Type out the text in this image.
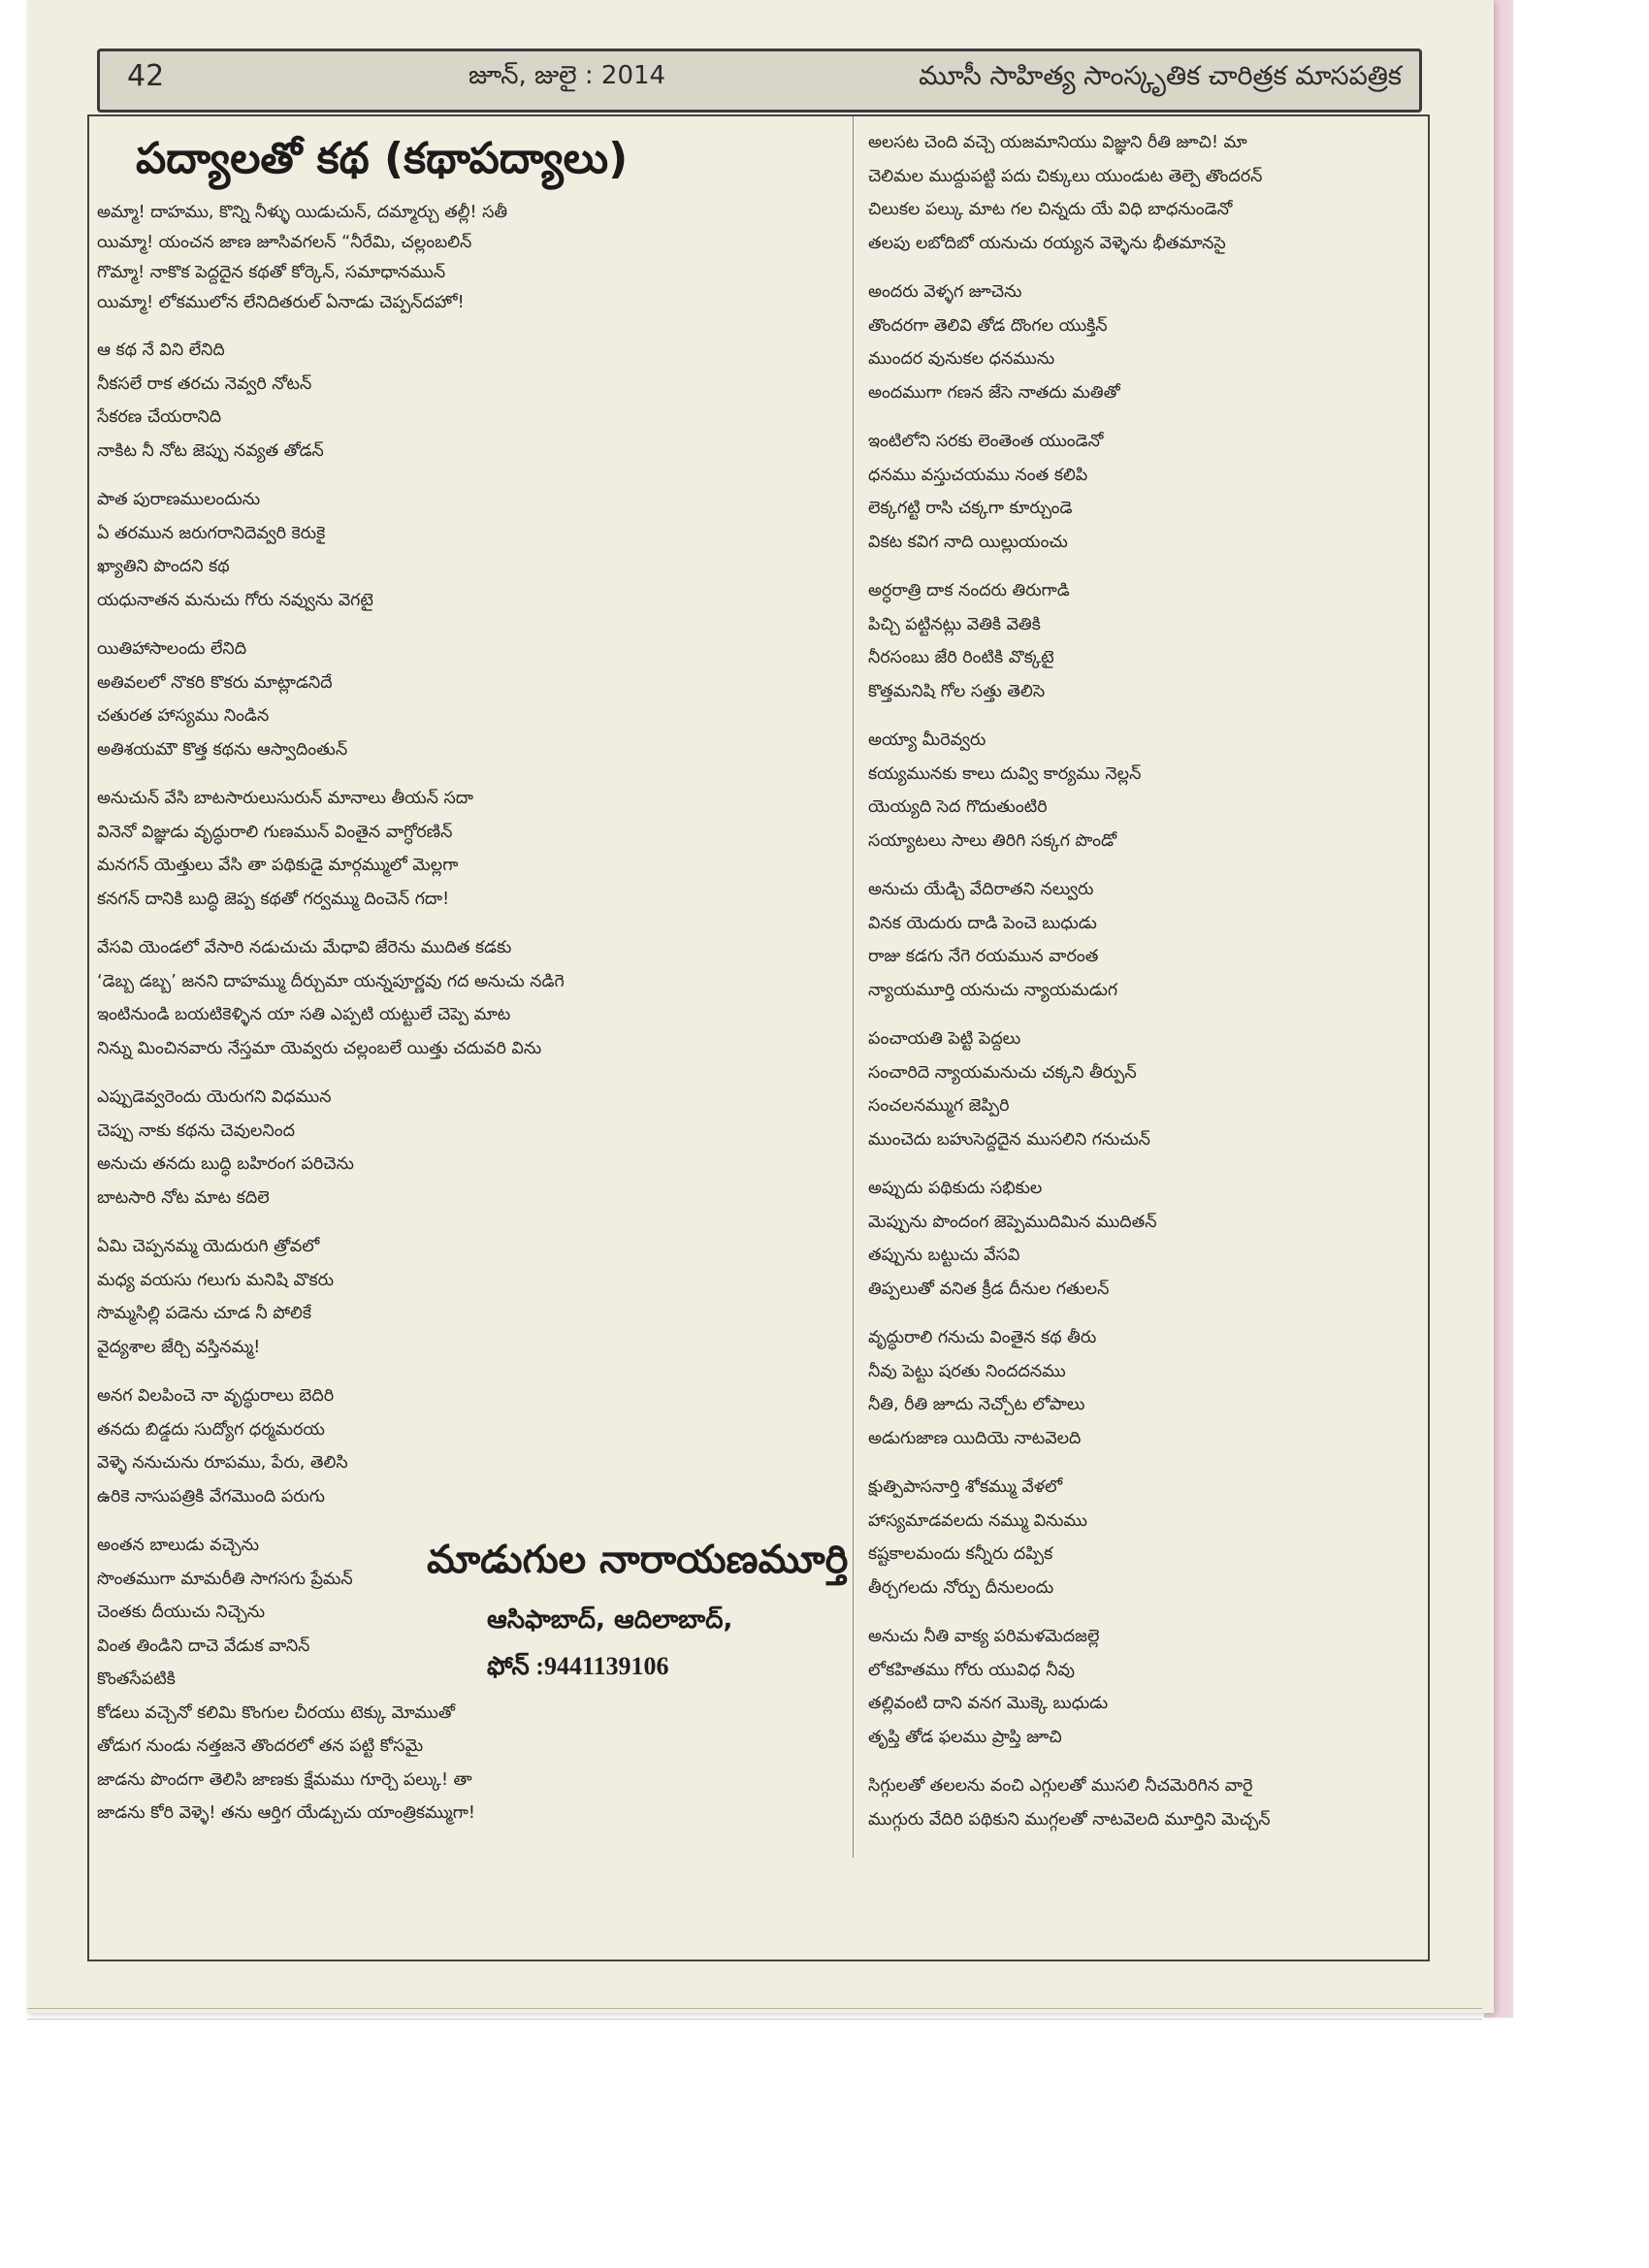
42	జూన్, జులై : 2014	మూసీ సాహిత్య సాంస్కృతిక చారిత్రక మాసపత్రిక
పద్యాలతో కథ (కథాపద్యాలు)
అమ్మా! దాహము, కొన్ని నీళ్ళు యిడుచున్, దమ్మార్చు తల్లీ! సతీ
యిమ్మా! యంచన జాణ జూసివగలన్ “నీరేమి, చల్లంబలిన్
గొమ్మా! నాకొక పెద్దదైన కథతో కోర్కెన్, సమాధానమున్
యిమ్మా! లోకములోన లేనిదితరుల్ ఏనాడు చెప్పన్‌దహో!
ఆ కథ నే విని లేనిది
నీకసలే రాక తరచు నెవ్వరి నోటన్
సేకరణ చేయరానిది
నాకిట నీ నోట జెప్పు నవ్యత తోడన్
పాత పురాణములందును
ఏ తరమున జరుగరానిదెవ్వరి కెరుకై
ఖ్యాతిని పొందని కథ
యధునాతన మనుచు గోరు నవ్వును వెగటై
యితిహాసాలందు లేనిది
అతివలలో నొకరి కొకరు మాట్లాడనిదే
చతురత హాస్యము నిండిన
అతిశయమౌ కొత్త కథను ఆస్వాదింతున్
అనుచున్ వేసి బాటసారులుసురున్ మానాలు తీయన్ సదా
వినెనో విజ్ఞుడు వృద్ధురాలి గుణమున్ వింతైన వాగ్ధోరణిన్
మనగన్ యెత్తులు వేసి తా పథికుడై మార్గమ్ములో మెల్లగా
కనగన్ దానికి బుద్ధి జెప్ప కథతో గర్వమ్ము దించెన్ గదా!
వేసవి యెండలో వేసారి నడుచుచు మేధావి జేరెను ముదిత కడకు
‘డెబ్బ డబ్బ’ జనని దాహమ్ము దీర్చుమా యన్నపూర్ణవు గద అనుచు నడిగె
ఇంటినుండి బయటికెళ్ళిన యా సతి ఎప్పటి యట్టులే చెప్పె మాట
నిన్ను మించినవారు నేస్తమా యెవ్వరు చల్లంబలే యిత్తు చదువరి విను
ఎప్పుడెవ్వరెందు యెరుగని విధమున
చెప్పు నాకు కథను చెవులనింద
అనుచు తనదు బుద్ధి బహిరంగ పరిచెను
బాటసారి నోట మాట కదిలె
ఏమి చెప్పనమ్మ యెదురుగి త్రోవలో
మధ్య వయసు గలుగు మనిషి వొకరు
సొమ్మసిల్లి పడెను చూడ నీ పోలికే
వైద్యశాల జేర్చి వస్తినమ్మ!
అనగ విలపించె నా వృద్ధురాలు బెదిరి
తనదు బిడ్డదు సుద్యోగ ధర్మమరయ
వెళ్ళె ననుచును రూపము, పేరు, తెలిసి
ఉరికె నాసుపత్రికి వేగమొంది పరుగు
అంతన బాలుడు వచ్చెను
సొంతముగా మామరీతి సాగసగు ప్రేమన్
చెంతకు దీయుచు నిచ్చెను
వింత తిండిని దాచె వేడుక వానిన్
కొంతసేపటికి
కోడలు వచ్చెనో కలిమి కొంగుల చీరయు టెక్కు మోముతో
తోడుగ నుండు నత్తజనె తొందరలో తన పట్టి కోసమై
జాడను పొందగా తెలిసి జాణకు క్షేమము గూర్చె పల్కు! తా
జాడను కోరి వెళ్ళె! తను ఆర్తిగ యేడ్చుచు యాంత్రికమ్ముగా!
అలసట చెంది వచ్చె యజమానియు విజ్ఞుని రీతి జూచి! మా
చెలిమల ముద్దుపట్టి పదు చిక్కులు యుండుట తెల్పె తొందరన్
చిలుకల పల్కు మాట గల చిన్నదు యే విధి బాధనుండెనో
తలపు లబోదిబో యనుచు రయ్యన వెళ్ళెను భీతమానసై
అందరు వెళ్ళగ జూచెను
తొందరగా తెలివి తోడ దొంగల యుక్తిన్
ముందర వునుకల ధనమును
అందముగా గణన జేసె నాతదు మతితో
ఇంటిలోని సరకు లెంతెంత యుండెనో
ధనము వస్తుచయము నంత కలిపి
లెక్కగట్టి రాసి చక్కగా కూర్చుండె
వికట కవిగ నాది యిల్లుయంచు
అర్ధరాత్రి దాక నందరు తిరుగాడి
పిచ్చి పట్టినట్లు వెతికి వెతికి
నీరసంబు జేరి రింటికి వొక్కటై
కొత్తమనిషి గోల సత్తు తెలిసె
అయ్యా మీరెవ్వరు
కయ్యమునకు కాలు దువ్వి కార్యము నెల్లన్
యెయ్యది సెద గొదుతుంటిరి
సయ్యాటలు సాలు తిరిగి సక్కగ పొండో
అనుచు యేడ్చి వేదిరాతని నల్వురు
వినక యెదురు దాడి పెంచె బుధుడు
రాజు కడగు నేగె రయమున వారంత
న్యాయమూర్తి యనుచు న్యాయమడుగ
పంచాయతి పెట్టి పెద్దలు
సంచారిదె న్యాయమనుచు చక్కని తీర్పున్
సంచలనమ్ముగ జెప్పిరి
ముంచెదు బహుసెద్దదైన ముసలిని గనుచున్
అప్పుదు పథికుదు సభికుల
మెప్పును పొందంగ జెప్పెముదిమిన ముదితన్
తప్పును బట్టుచు వేసవి
తిప్పలుతో వనిత క్రీడ దీనుల గతులన్
వృద్ధురాలి గనుచు వింతైన కథ తీరు
నీవు పెట్టు షరతు నిందదనము
నీతి, రీతి జూదు నెచ్చోట లోపాలు
అడుగుజాణ యిదియె నాటవెలది
క్షుత్పిపాసనార్తి శోకమ్ము వేళలో
హాస్యమాడవలదు నమ్ము వినుము
కష్టకాలమందు కన్నీరు దప్పిక
తీర్చగలదు నోర్పు దీనులందు
అనుచు నీతి వాక్య పరిమళమెదజల్లె
లోకహితము గోరు యువిధ నీవు
తల్లివంటి దాని వనగ మొక్కె బుధుడు
తృప్తి తోడ ఫలము ప్రాప్తి జూచి
సిగ్గులతో తలలను వంచి ఎగ్గులతో ముసలి నీచమెరిగిన వారై
ముగ్గురు వేదిరి పథికుని ముగ్గలతో నాటవెలది మూర్తిని మెచ్చన్
మాడుగుల నారాయణమూర్తి
ఆసిఫాబాద్, ఆదిలాబాద్,
ఫోన్ :9441139106
